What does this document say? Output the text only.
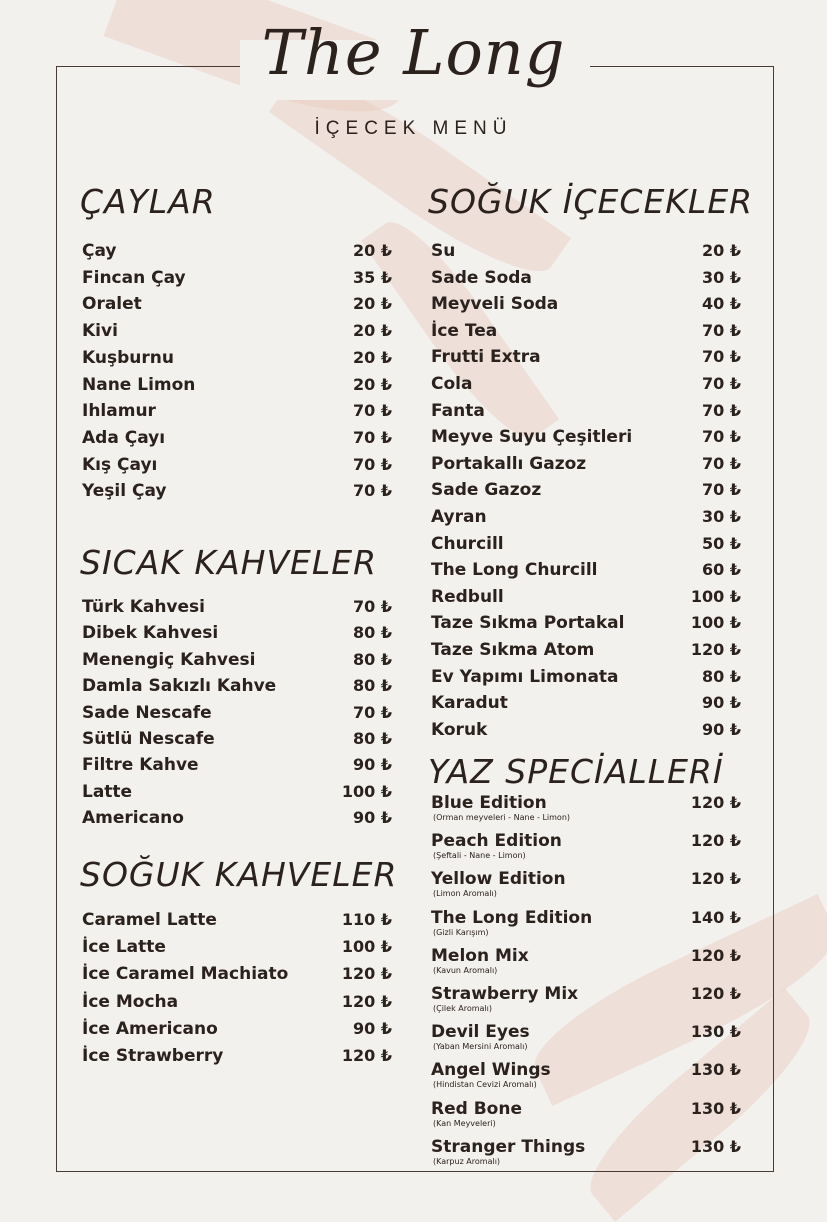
The Long
İÇECEK MENÜ
ÇAYLAR
SICAK KAHVELER
SOĞUK KAHVELER
SOĞUK İÇECEKLER
YAZ SPECİALLERİ
Çay	20 ₺
Fincan Çay	35 ₺
Oralet	20 ₺
Kivi	20 ₺
Kuşburnu	20 ₺
Nane Limon	20 ₺
Ihlamur	70 ₺
Ada Çayı	70 ₺
Kış Çayı	70 ₺
Yeşil Çay	70 ₺
Türk Kahvesi	70 ₺
Dibek Kahvesi	80 ₺
Menengiç Kahvesi	80 ₺
Damla Sakızlı Kahve	80 ₺
Sade Nescafe	70 ₺
Sütlü Nescafe	80 ₺
Filtre Kahve	90 ₺
Latte	100 ₺
Americano	90 ₺
Caramel Latte	110 ₺
İce Latte	100 ₺
İce Caramel Machiato	120 ₺
İce Mocha	120 ₺
İce Americano	90 ₺
İce Strawberry	120 ₺
Su	20 ₺
Sade Soda	30 ₺
Meyveli Soda	40 ₺
İce Tea	70 ₺
Frutti Extra	70 ₺
Cola	70 ₺
Fanta	70 ₺
Meyve Suyu Çeşitleri	70 ₺
Portakallı Gazoz	70 ₺
Sade Gazoz	70 ₺
Ayran	30 ₺
Churcill	50 ₺
The Long Churcill	60 ₺
Redbull	100 ₺
Taze Sıkma Portakal	100 ₺
Taze Sıkma Atom	120 ₺
Ev Yapımı Limonata	80 ₺
Karadut	90 ₺
Koruk	90 ₺
Blue Edition	120 ₺
(Orman meyveleri - Nane - Limon)
Peach Edition	120 ₺
(Şeftali - Nane - Limon)
Yellow Edition	120 ₺
(Limon Aromalı)
The Long Edition	140 ₺
(Gizli Karışım)
Melon Mix	120 ₺
(Kavun Aromalı)
Strawberry Mix	120 ₺
(Çilek Aromalı)
Devil Eyes	130 ₺
(Yaban Mersini Aromalı)
Angel Wings	130 ₺
(Hindistan Cevizi Aromalı)
Red Bone	130 ₺
(Kan Meyveleri)
Stranger Things	130 ₺
(Karpuz Aromalı)
